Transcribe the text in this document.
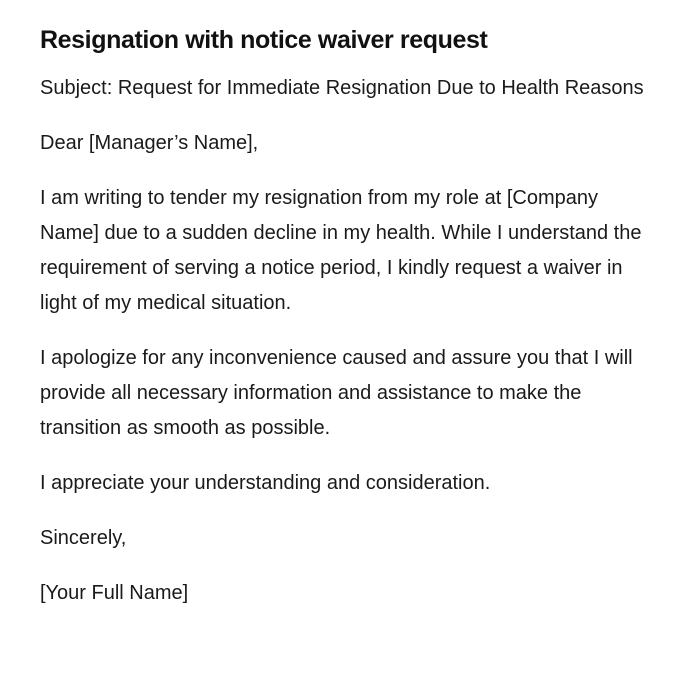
Resignation with notice waiver request

Subject: Request for Immediate Resignation Due to Health Reasons

Dear [Manager’s Name],

I am writing to tender my resignation from my role at [Company Name] due to a sudden decline in my health. While I understand the requirement of serving a notice period, I kindly request a waiver in light of my medical situation.

I apologize for any inconvenience caused and assure you that I will provide all necessary information and assistance to make the transition as smooth as possible.

I appreciate your understanding and consideration.

Sincerely,

[Your Full Name]
